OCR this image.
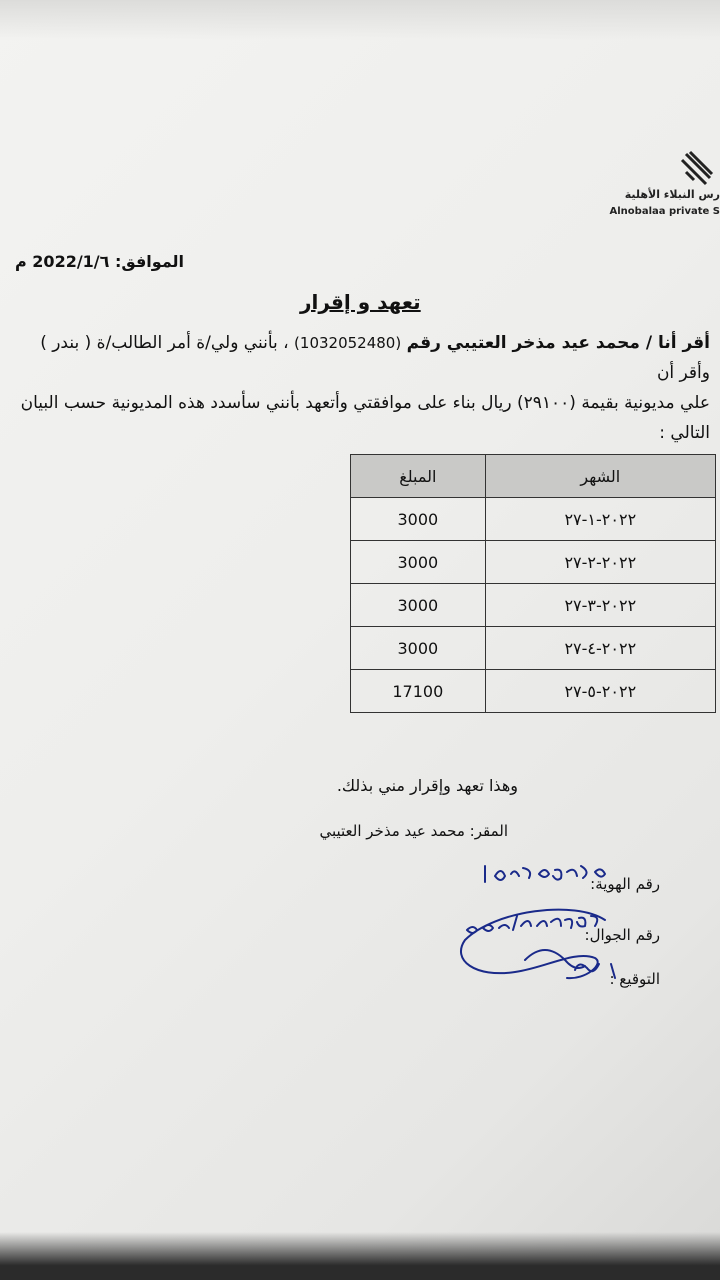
رس النبلاء الأهلية
Alnobalaa private S
الموافق: 2022/1/٦ م
تعهد و إقرار
أقر أنا / محمد عيد مذخر العتيبي رقم (1032052480) ، بأنني ولي/ة أمر الطالب/ة ( بندر ) وأقر أن
علي مديونية بقيمة (٢٩١٠٠) ريال بناء على موافقتي وأتعهد بأنني سأسدد هذه المديونية حسب البيان
التالي :
الشهر	المبلغ
٢٠٢٢-١-٢٧	3000
٢٠٢٢-٢-٢٧	3000
٢٠٢٢-٣-٢٧	3000
٢٠٢٢-٤-٢٧	3000
٢٠٢٢-٥-٢٧	17100
وهذا تعهد وإقرار مني بذلك.
المقر: محمد عيد مذخر العتيبي
رقم الهوية:
رقم الجوال:
التوقيع :
